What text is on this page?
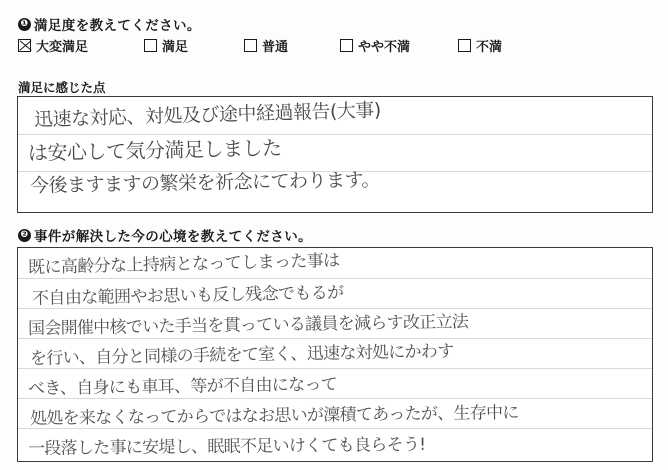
❶ 満足度を教えてください。
大変満足	満足	普通	やや不満	不満
満足に感じた点
迅速な対応、対処及び途中経過報告(大事)
は安心して気分満足しました
今後ますますの繁栄を祈念にてわります。
❷ 事件が解決した今の心境を教えてください。
既に高齢分な上持病となってしまった事は
不自由な範囲やお思いも反し残念でもるが
国会開催中核でいた手当を貫っている議員を減らす改正立法
を行い、自分と同様の手続をて室く、迅速な対処にかわす
べき、自身にも車耳、等が不自由になって
処処を来なくなってからではなお思いが澟積てあったが、生存中に
一段落した事に安堤し、眠眠不足いけくても良らそう!
